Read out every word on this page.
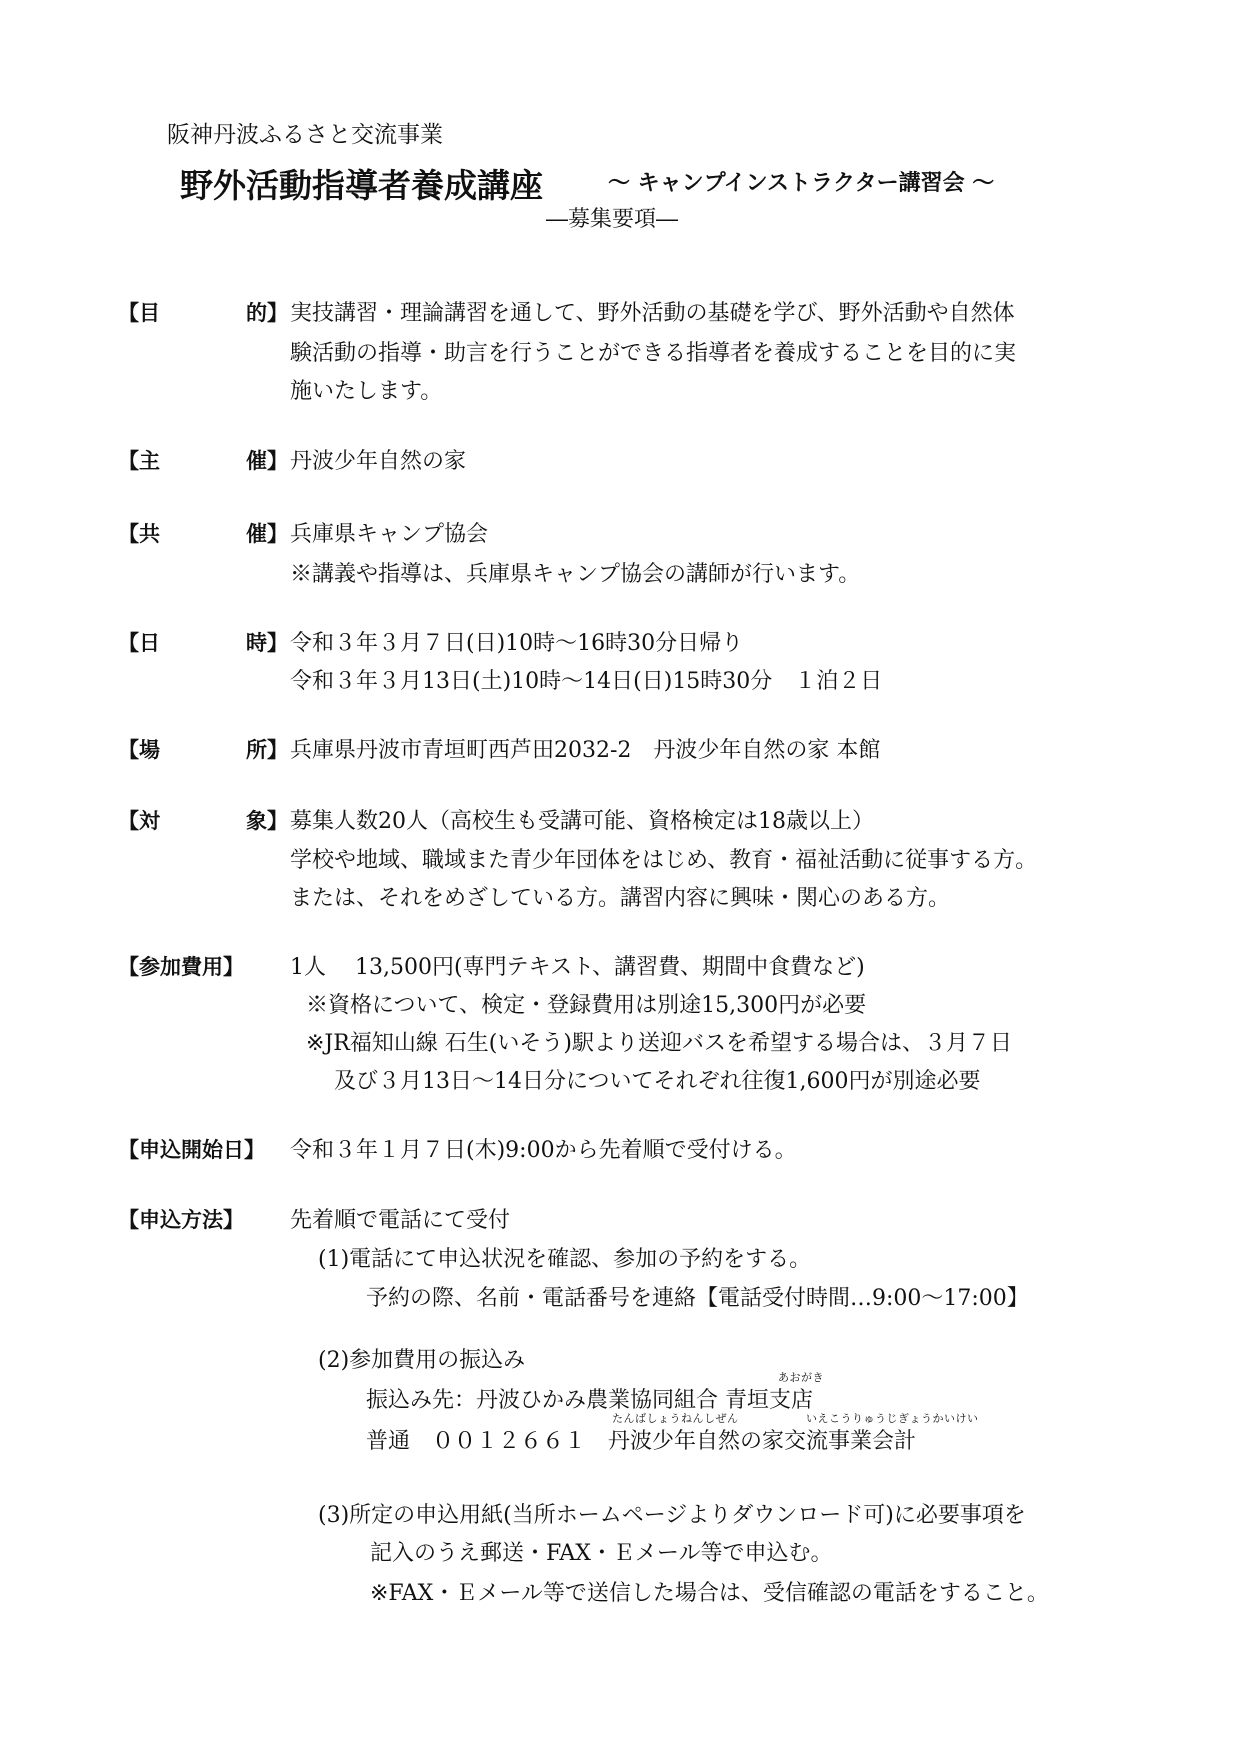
阪神丹波ふるさと交流事業
野外活動指導者養成講座	～ キャンプインストラクター講習会 ～
―募集要項―
【目	的】 実技講習・理論講習を通して、野外活動の基礎を学び、野外活動や自然体
験活動の指導・助言を行うことができる指導者を養成することを目的に実
施いたします。
【主	催】 丹波少年自然の家
【共	催】 兵庫県キャンプ協会
※講義や指導は、兵庫県キャンプ協会の講師が行います。
【日	時】 令和３年３月７日(日)10時～16時30分日帰り
令和３年３月13日(土)10時～14日(日)15時30分　１泊２日
【場	所】 兵庫県丹波市青垣町西芦田2032-2　丹波少年自然の家 本館
【対	象】 募集人数20人（高校生も受講可能、資格検定は18歳以上）
学校や地域、職域また青少年団体をはじめ、教育・福祉活動に従事する方。
または、それをめざしている方。講習内容に興味・関心のある方。
【参加費用】 1人　 13,500円(専門テキスト、講習費、期間中食費など)
※資格について、検定・登録費用は別途15,300円が必要
※JR福知山線 石生(いそう)駅より送迎バスを希望する場合は、３月７日
及び３月13日～14日分についてそれぞれ往復1,600円が別途必要
【申込開始日】 令和３年１月７日(木)9:00から先着順で受付ける。
【申込方法】 先着順で電話にて受付
(1)電話にて申込状況を確認、参加の予約をする。
予約の際、名前・電話番号を連絡【電話受付時間…9:00～17:00】
(2)参加費用の振込み
あおがき
振込み先：丹波ひかみ農業協同組合 青垣支店
たんばしょうねんしぜん	いえこうりゅうじぎょうかいけい
普通　００１２６６１　丹波少年自然の家交流事業会計
(3)所定の申込用紙(当所ホームページよりダウンロード可)に必要事項を
記入のうえ郵送・FAX・Ｅメール等で申込む。
※FAX・Ｅメール等で送信した場合は、受信確認の電話をすること。
